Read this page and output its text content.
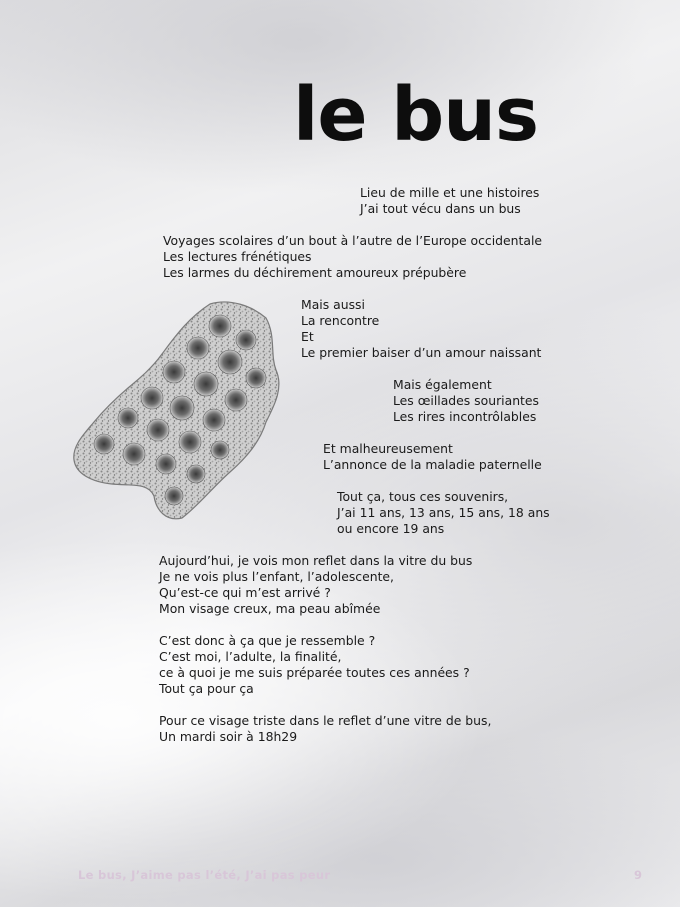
le bus

Lieu de mille et une histoires
J’ai tout vécu dans un bus

Voyages scolaires d’un bout à l’autre de l’Europe occidentale
Les lectures frénétiques
Les larmes du déchirement amoureux prépubère

Mais aussi
La rencontre
Et
Le premier baiser d’un amour naissant

Mais également
Les œillades souriantes
Les rires incontrôlables

Et malheureusement
L’annonce de la maladie paternelle

Tout ça, tous ces souvenirs,
J’ai 11 ans, 13 ans, 15 ans, 18 ans
ou encore 19 ans

Aujourd’hui, je vois mon reflet dans la vitre du bus
Je ne vois plus l’enfant, l’adolescente,
Qu’est-ce qui m’est arrivé ?
Mon visage creux, ma peau abîmée

C’est donc à ça que je ressemble ?
C’est moi, l’adulte, la finalité,
ce à quoi je me suis préparée toutes ces années ?
Tout ça pour ça

Pour ce visage triste dans le reflet d’une vitre de bus,
Un mardi soir à 18h29

Le bus, J’aime pas l’été, J’ai pas peur	9
